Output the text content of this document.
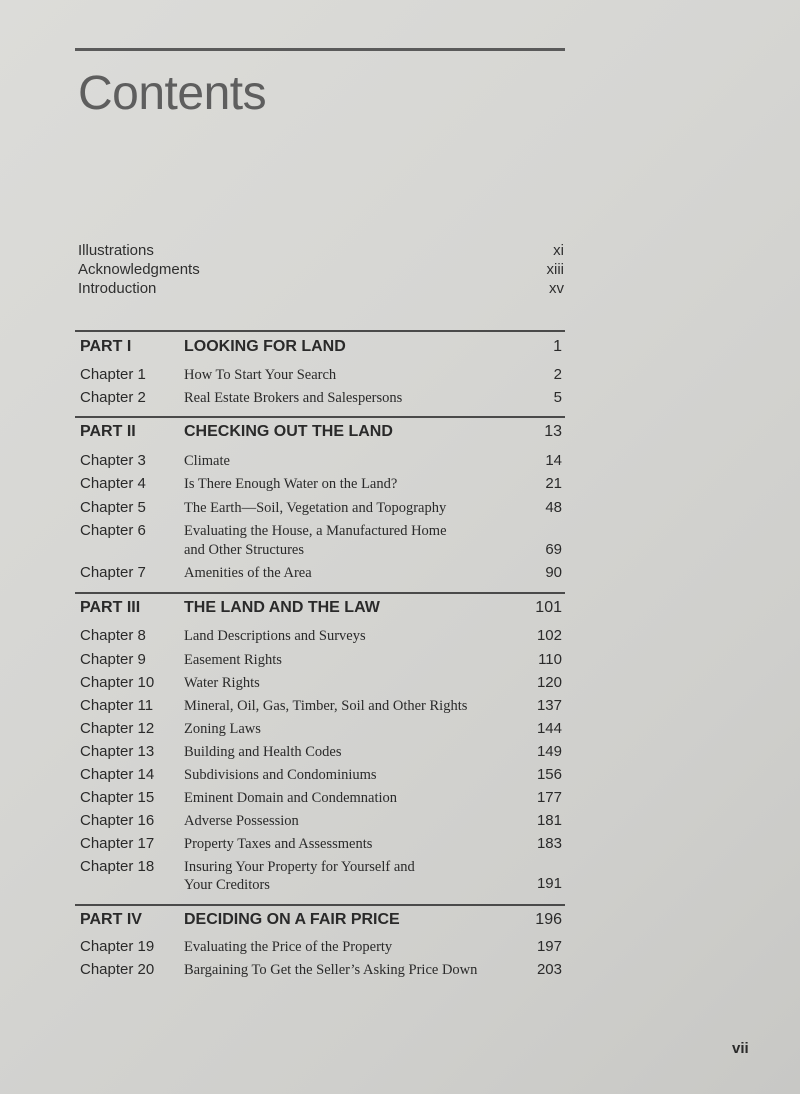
Contents
Illustrations	xi
Acknowledgments	xiii
Introduction	xv
PART I	LOOKING FOR LAND	1
Chapter 1	How To Start Your Search	2
Chapter 2	Real Estate Brokers and Salespersons	5
PART II	CHECKING OUT THE LAND	13
Chapter 3	Climate	14
Chapter 4	Is There Enough Water on the Land?	21
Chapter 5	The Earth—Soil, Vegetation and Topography	48
Chapter 6	Evaluating the House, a Manufactured Home
and Other Structures	69
Chapter 7	Amenities of the Area	90
PART III	THE LAND AND THE LAW	101
Chapter 8	Land Descriptions and Surveys	102
Chapter 9	Easement Rights	110
Chapter 10 Water Rights	120
Chapter 11 Mineral, Oil, Gas, Timber, Soil and Other Rights	137
Chapter 12 Zoning Laws	144
Chapter 13 Building and Health Codes	149
Chapter 14 Subdivisions and Condominiums	156
Chapter 15 Eminent Domain and Condemnation	177
Chapter 16 Adverse Possession	181
Chapter 17 Property Taxes and Assessments	183
Chapter 18 Insuring Your Property for Yourself and
Your Creditors	191
PART IV	DECIDING ON A FAIR PRICE	196
Chapter 19 Evaluating the Price of the Property	197
Chapter 20 Bargaining To Get the Seller’s Asking Price Down	203
vii
